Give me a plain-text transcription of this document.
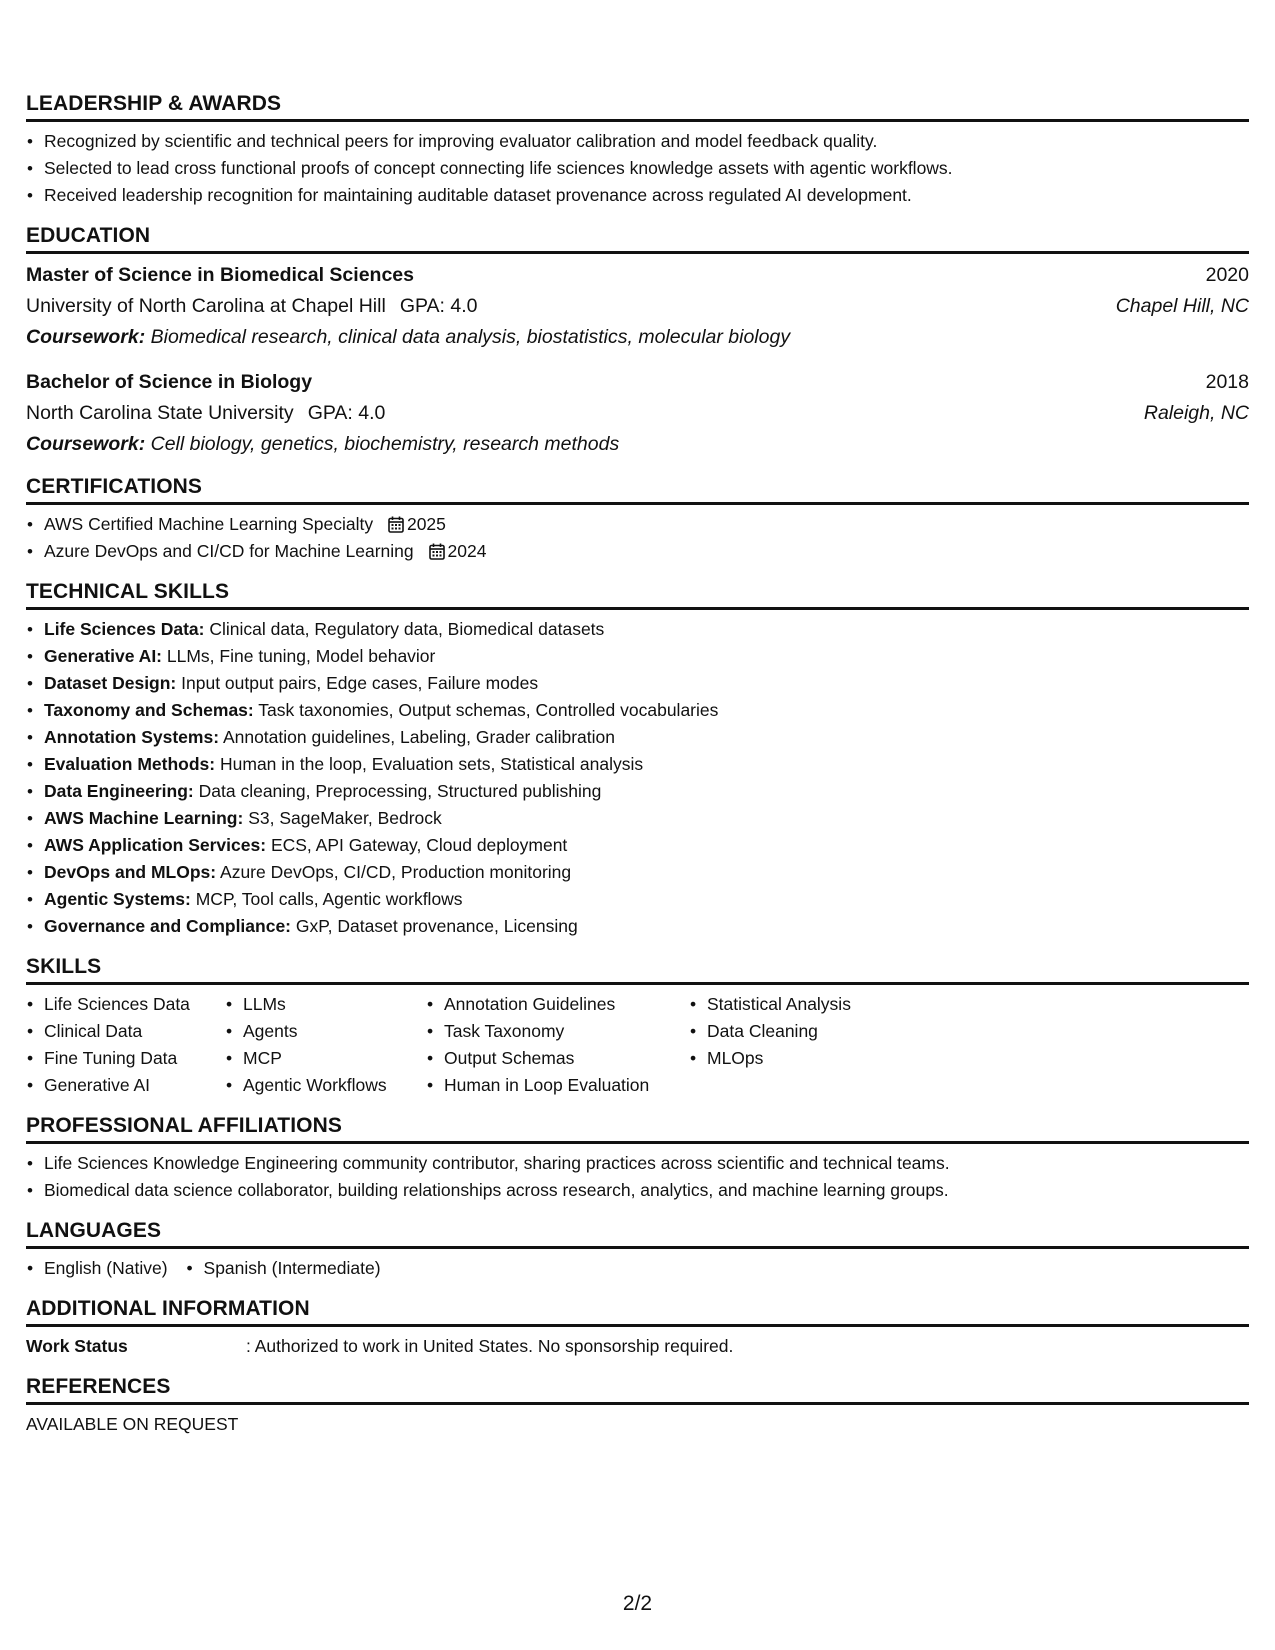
LEADERSHIP & AWARDS
• Recognized by scientific and technical peers for improving evaluator calibration and model feedback quality.
• Selected to lead cross functional proofs of concept connecting life sciences knowledge assets with agentic workflows.
• Received leadership recognition for maintaining auditable dataset provenance across regulated AI development.
EDUCATION
Master of Science in Biomedical Sciences	2020
University of North Carolina at Chapel Hill GPA: 4.0	Chapel Hill, NC
Coursework: Biomedical research, clinical data analysis, biostatistics, molecular biology
Bachelor of Science in Biology	2018
North Carolina State University GPA: 4.0	Raleigh, NC
Coursework: Cell biology, genetics, biochemistry, research methods
CERTIFICATIONS
• AWS Certified Machine Learning Specialty 2025
• Azure DevOps and CI/CD for Machine Learning 2024
TECHNICAL SKILLS
• Life Sciences Data: Clinical data, Regulatory data, Biomedical datasets
• Generative AI: LLMs, Fine tuning, Model behavior
• Dataset Design: Input output pairs, Edge cases, Failure modes
• Taxonomy and Schemas: Task taxonomies, Output schemas, Controlled vocabularies
• Annotation Systems: Annotation guidelines, Labeling, Grader calibration
• Evaluation Methods: Human in the loop, Evaluation sets, Statistical analysis
• Data Engineering: Data cleaning, Preprocessing, Structured publishing
• AWS Machine Learning: S3, SageMaker, Bedrock
• AWS Application Services: ECS, API Gateway, Cloud deployment
• DevOps and MLOps: Azure DevOps, CI/CD, Production monitoring
• Agentic Systems: MCP, Tool calls, Agentic workflows
• Governance and Compliance: GxP, Dataset provenance, Licensing
SKILLS
• Life Sciences Data
• Clinical Data
• Fine Tuning Data
• Generative AI
• LLMs
• Agents
• MCP
• Agentic Workflows
• Annotation Guidelines
• Task Taxonomy
• Output Schemas
• Human in Loop Evaluation
• Statistical Analysis
• Data Cleaning
• MLOps
PROFESSIONAL AFFILIATIONS
• Life Sciences Knowledge Engineering community contributor, sharing practices across scientific and technical teams.
• Biomedical data science collaborator, building relationships across research, analytics, and machine learning groups.
LANGUAGES
• English (Native)
•	Spanish (Intermediate)
ADDITIONAL INFORMATION
Work Status	: Authorized to work in United States. No sponsorship required.
REFERENCES
AVAILABLE ON REQUEST
2/2
